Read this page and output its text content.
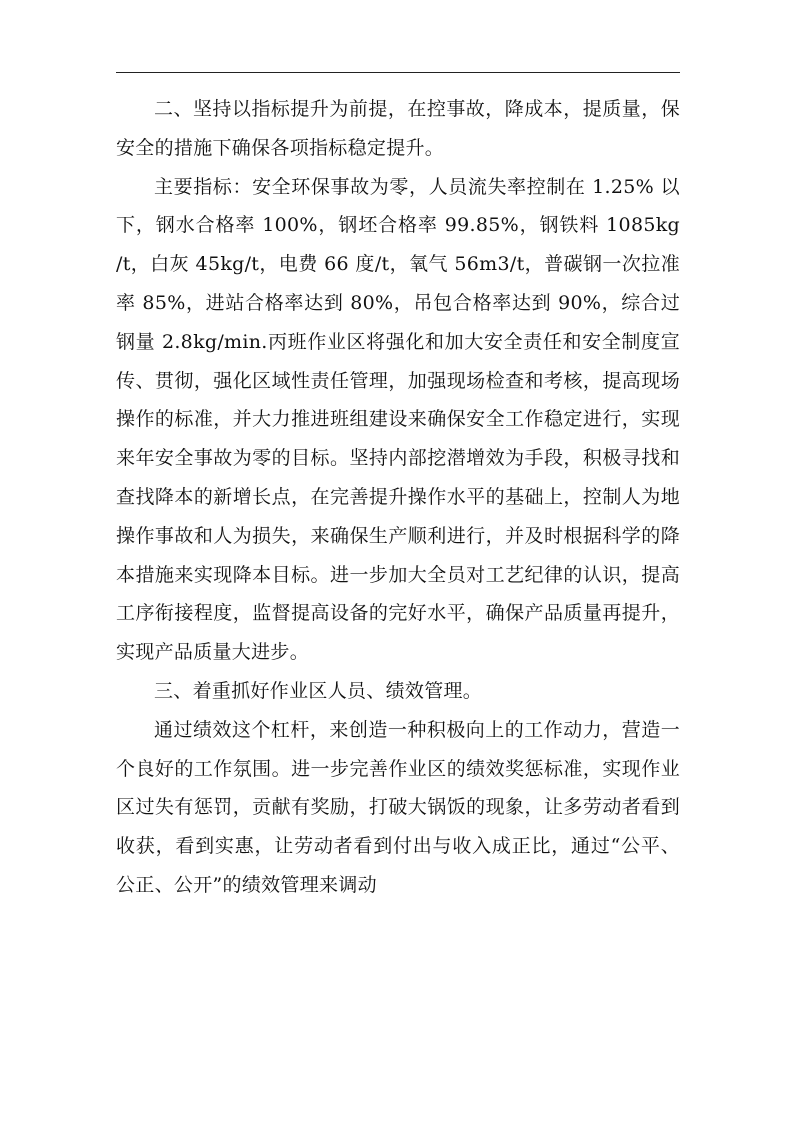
二、坚持以指标提升为前提，在控事故，降成本，提质量，保安全的措施下确保各项指标稳定提升。

主要指标：安全环保事故为零，人员流失率控制在 1.25% 以下，钢水合格率 100%，钢坯合格率 99.85%，钢铁料 1085kg /t，白灰 45kg/t，电费 66 度/t，氧气 56m3/t，普碳钢一次拉准率 85%，进站合格率达到 80%，吊包合格率达到 90%，综合过钢量 2.8kg/min.丙班作业区将强化和加大安全责任和安全制度宣传、贯彻，强化区域性责任管理，加强现场检查和考核，提高现场操作的标准，并大力推进班组建设来确保安全工作稳定进行，实现来年安全事故为零的目标。坚持内部挖潜增效为手段，积极寻找和查找降本的新增长点，在完善提升操作水平的基础上，控制人为地操作事故和人为损失，来确保生产顺利进行，并及时根据科学的降本措施来实现降本目标。进一步加大全员对工艺纪律的认识，提高工序衔接程度，监督提高设备的完好水平，确保产品质量再提升，实现产品质量大进步。

三、着重抓好作业区人员、绩效管理。

通过绩效这个杠杆，来创造一种积极向上的工作动力，营造一个良好的工作氛围。进一步完善作业区的绩效奖惩标准，实现作业区过失有惩罚，贡献有奖励，打破大锅饭的现象，让多劳动者看到收获，看到实惠，让劳动者看到付出与收入成正比，通过“公平、公正、公开”的绩效管理来调动
